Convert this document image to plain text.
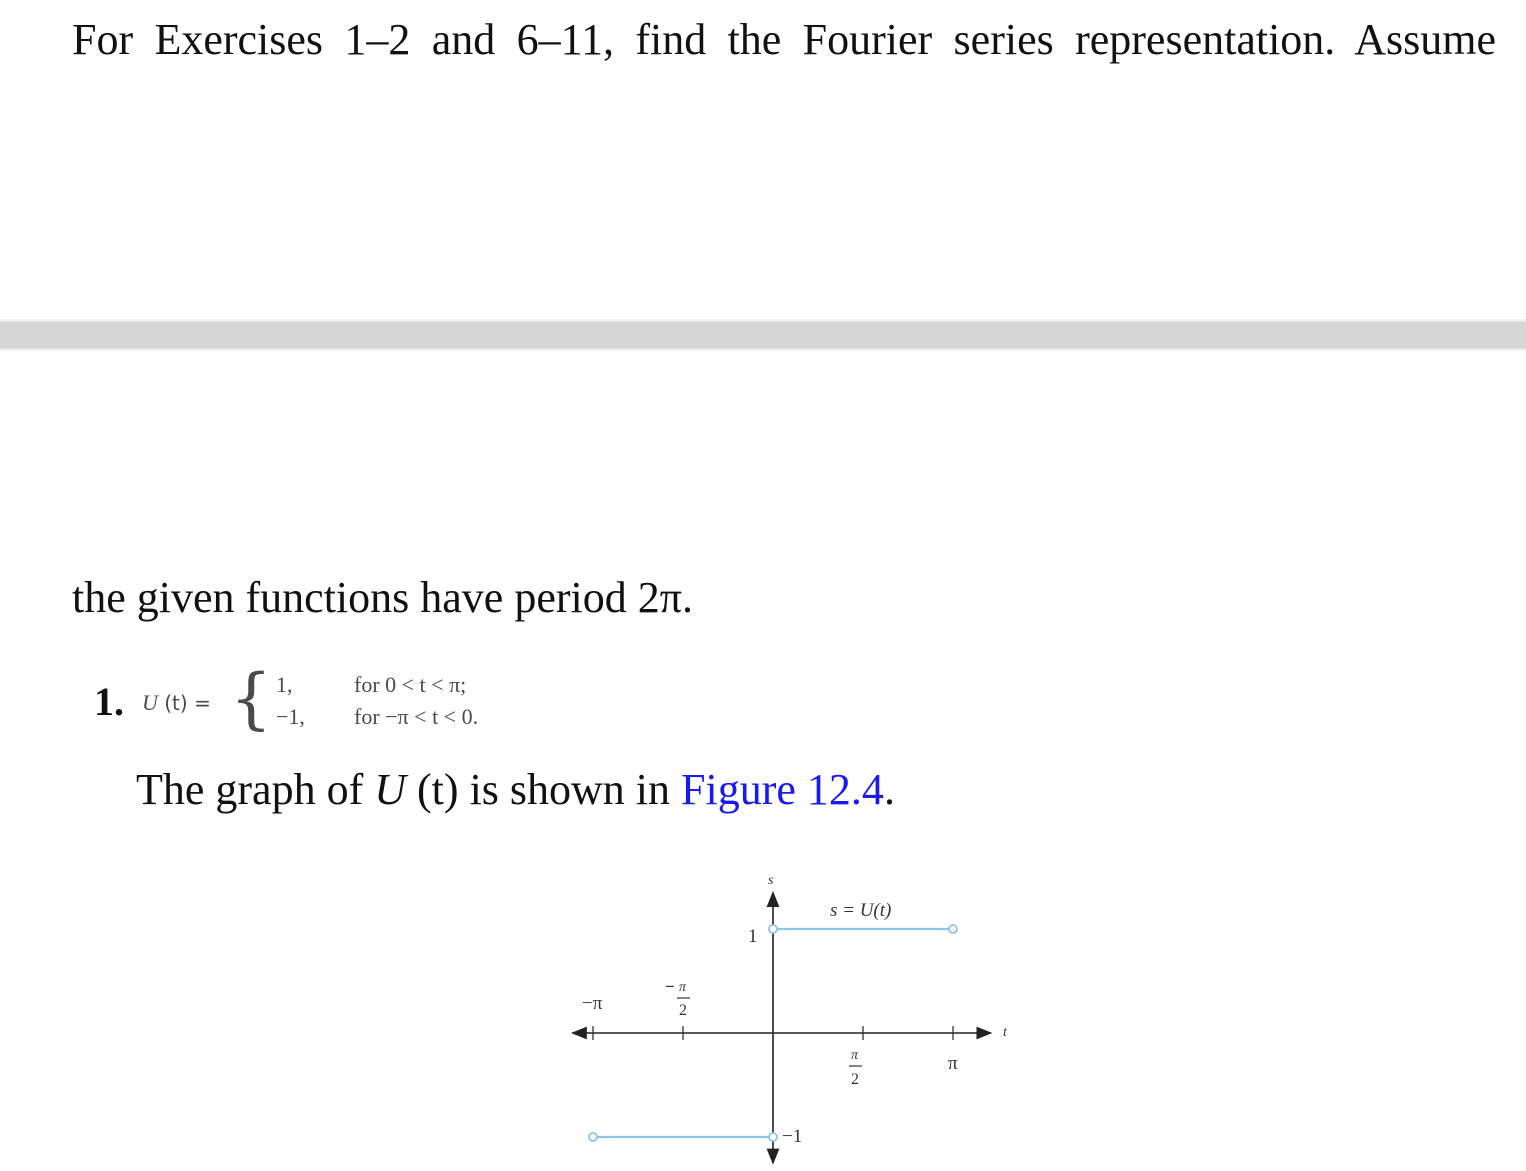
For Exercises 1–2 and 6–11, find the Fourier series representation. Assume
the given functions have period 2π.
1. U (t) = { 1,	for 0 < t < π;
−1, for −π < t < 0.
The graph of U (t) is shown in Figure 12.4.
s
t
s = U(t)
1
−1
−π
− π
2
π
2
π
